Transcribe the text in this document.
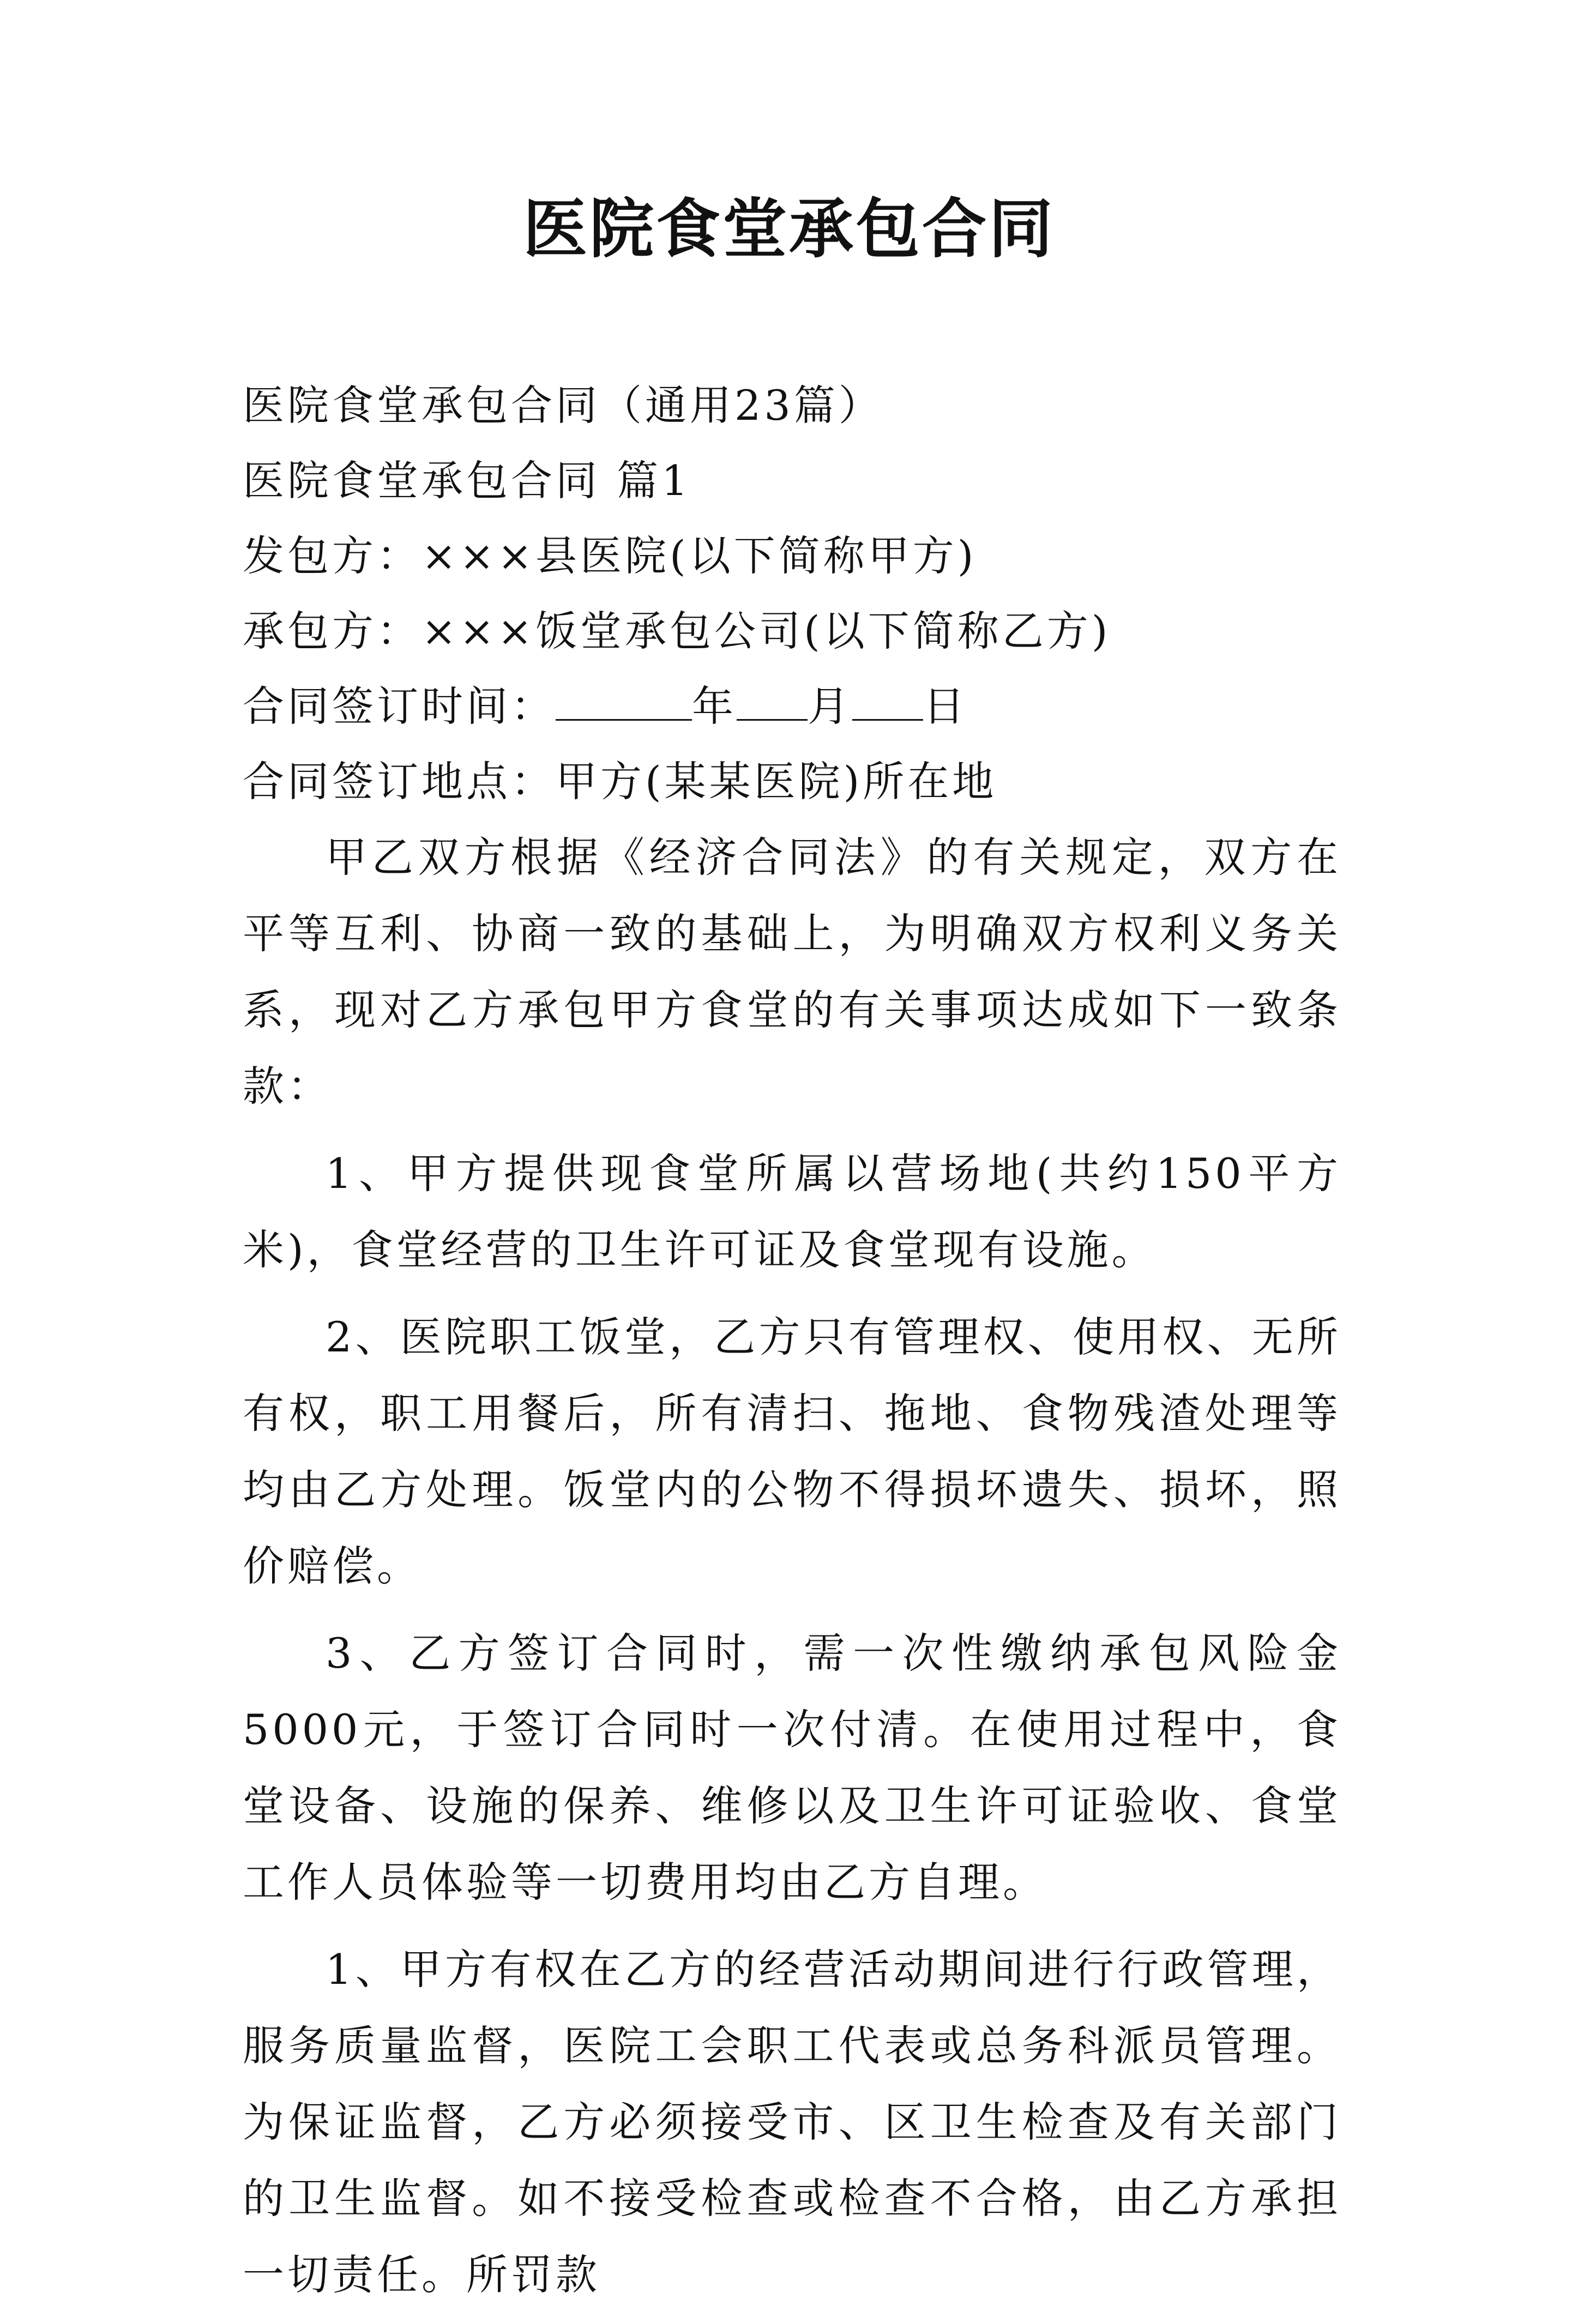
医院食堂承包合同
医院食堂承包合同（通用23篇）
医院食堂承包合同 篇1
发包方：×××县医院(以下简称甲方)
承包方：×××饭堂承包公司(以下简称乙方)
合同签订时间：	年 月 日
合同签订地点：甲方(某某医院)所在地

甲乙双方根据《经济合同法》的有关规定，双方在平等互利、协商一致的基础上，为明确双方权利义务关系，现对乙方承包甲方食堂的有关事项达成如下一致条款：

1、甲方提供现食堂所属以营场地(共约150平方米)，食堂经营的卫生许可证及食堂现有设施。

2、医院职工饭堂，乙方只有管理权、使用权、无所有权，职工用餐后，所有清扫、拖地、食物残渣处理等均由乙方处理。饭堂内的公物不得损坏遗失、损坏，照价赔偿。

3、乙方签订合同时，需一次性缴纳承包风险金5000元，于签订合同时一次付清。在使用过程中，食堂设备、设施的保养、维修以及卫生许可证验收、食堂工作人员体验等一切费用均由乙方自理。

1、甲方有权在乙方的经营活动期间进行行政管理，服务质量监督，医院工会职工代表或总务科派员管理。为保证监督，乙方必须接受市、区卫生检查及有关部门的卫生监督。如不接受检查或检查不合格，由乙方承担一切责任。所罚款
